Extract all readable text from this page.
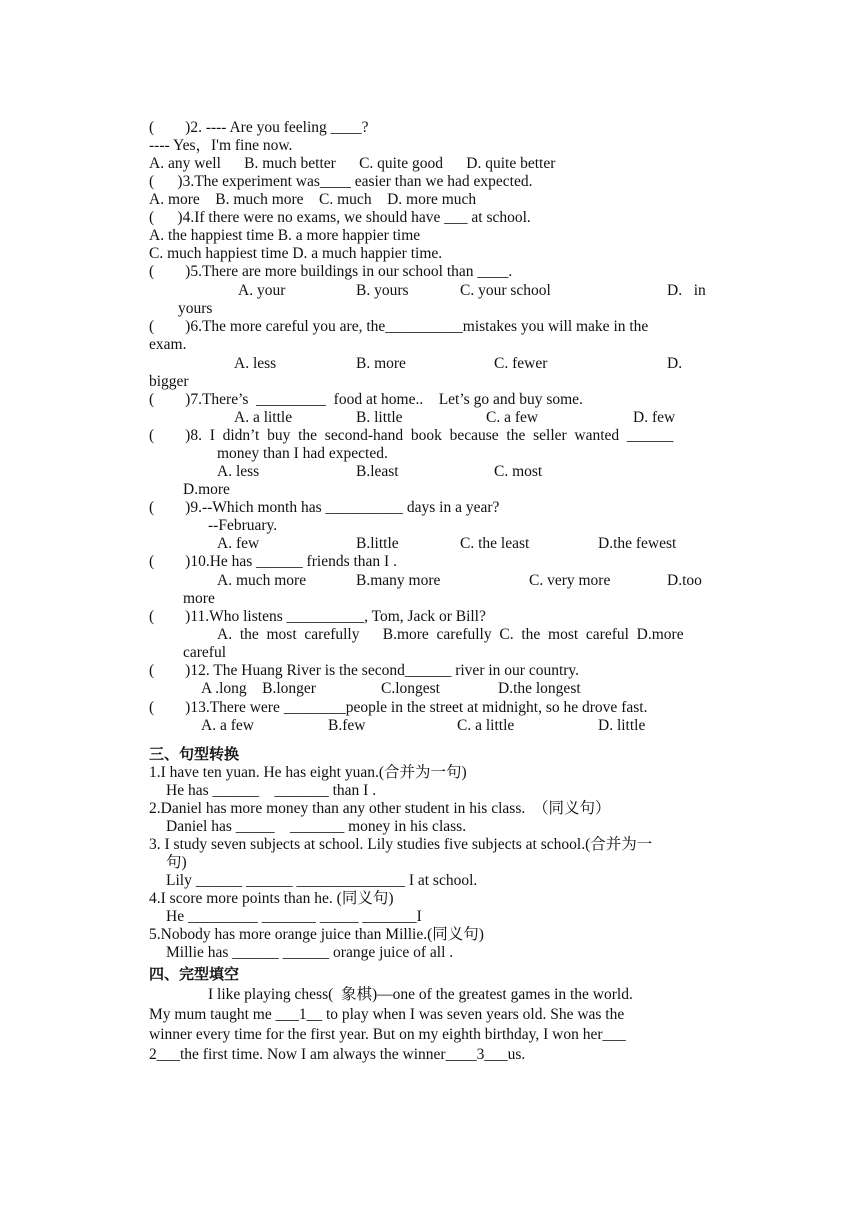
(        )2. ---- Are you feeling ____?
---- Yes，I'm fine now.
A. any well      B. much better      C. quite good      D. quite better
(      )3.The experiment was____ easier than we had expected.
A. more    B. much more    C. much    D. more much
(      )4.If there were no exams, we should have ___ at school.
A. the happiest time B. a more happier time
C. much happiest time D. a much happier time.
(        )5.There are more buildings in our school than ____.
A. your	B. yours	C. your school	D.   in
yours
(        )6.The more careful you are, the__________mistakes you will make in the
exam.
A. less	B. more	C. fewer	D.
bigger
(        )7.There’s  _________  food at home..    Let’s go and buy some.
A. a little	B. little	C. a few	D. few
(        )8.  I  didn’t  buy  the  second-hand  book  because  the  seller  wanted  ______
money than I had expected.
A. less	B.least	C. most
D.more
(        )9.--Which month has __________ days in a year?
--February.
A. few	B.little	C. the least	D.the fewest
(        )10.He has ______ friends than I .
A. much more	B.many more	C. very more	D.too
more
(        )11.Who listens __________, Tom, Jack or Bill?
A.  the  most  carefully      B.more  carefully  C.  the  most  careful  D.more
careful
(        )12. The Huang River is the second______ river in our country.
A .long    B.longer	C.longest	D.the longest
(        )13.There were ________people in the street at midnight, so he drove fast.
A. a few	B.few	C. a little	D. little
三、句型转换
1.I have ten yuan. He has eight yuan.(合并为一句)
He has ______    _______ than I .
2.Daniel has more money than any other student in his class.  （同义句）
Daniel has _____    _______ money in his class.
3. I study seven subjects at school. Lily studies five subjects at school.(合并为一
句)
Lily ______ ______ ______________ I at school.
4.I score more points than he. (同义句)
He _________ _______ _____ _______I
5.Nobody has more orange juice than Millie.(同义句)
Millie has ______ ______ orange juice of all .
四、完型填空
I like playing chess(  象棋)—one of the greatest games in the world.
My mum taught me ___1__ to play when I was seven years old. She was the
winner every time for the first year. But on my eighth birthday, I won her___
2___the first time. Now I am always the winner____3___us.
